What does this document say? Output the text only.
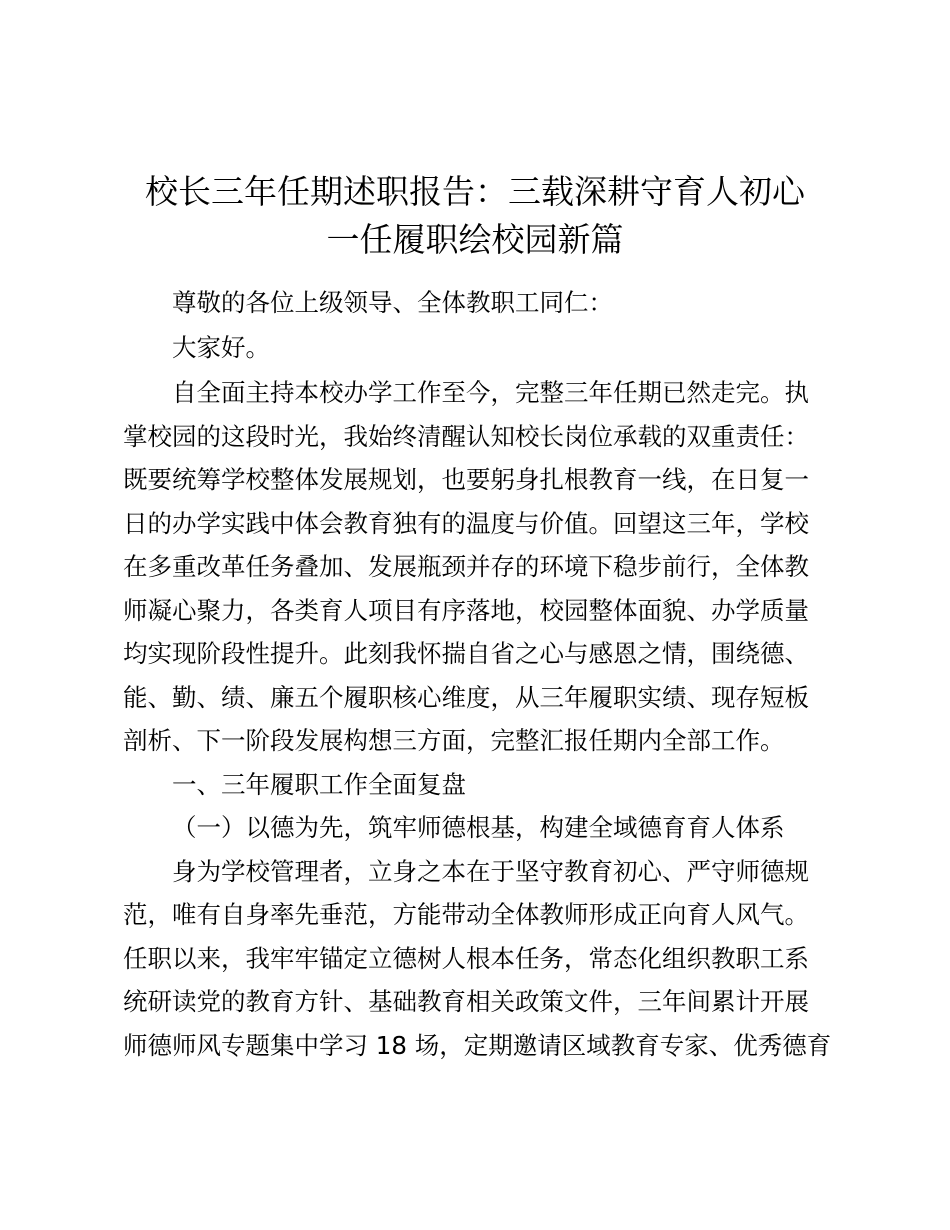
校长三年任期述职报告：三载深耕守育人初心
一任履职绘校园新篇
尊敬的各位上级领导、全体教职工同仁：
大家好。
自全面主持本校办学工作至今，完整三年任期已然走完。执
掌校园的这段时光，我始终清醒认知校长岗位承载的双重责任：
既要统筹学校整体发展规划，也要躬身扎根教育一线，在日复一
日的办学实践中体会教育独有的温度与价值。回望这三年，学校
在多重改革任务叠加、发展瓶颈并存的环境下稳步前行，全体教
师凝心聚力，各类育人项目有序落地，校园整体面貌、办学质量
均实现阶段性提升。此刻我怀揣自省之心与感恩之情，围绕德、
能、勤、绩、廉五个履职核心维度，从三年履职实绩、现存短板
剖析、下一阶段发展构想三方面，完整汇报任期内全部工作。
一、三年履职工作全面复盘
（一）以德为先，筑牢师德根基，构建全域德育育人体系
身为学校管理者，立身之本在于坚守教育初心、严守师德规
范，唯有自身率先垂范，方能带动全体教师形成正向育人风气。
任职以来，我牢牢锚定立德树人根本任务，常态化组织教职工系
统研读党的教育方针、基础教育相关政策文件，三年间累计开展
师德师风专题集中学习 18 场，定期邀请区域教育专家、优秀德育
